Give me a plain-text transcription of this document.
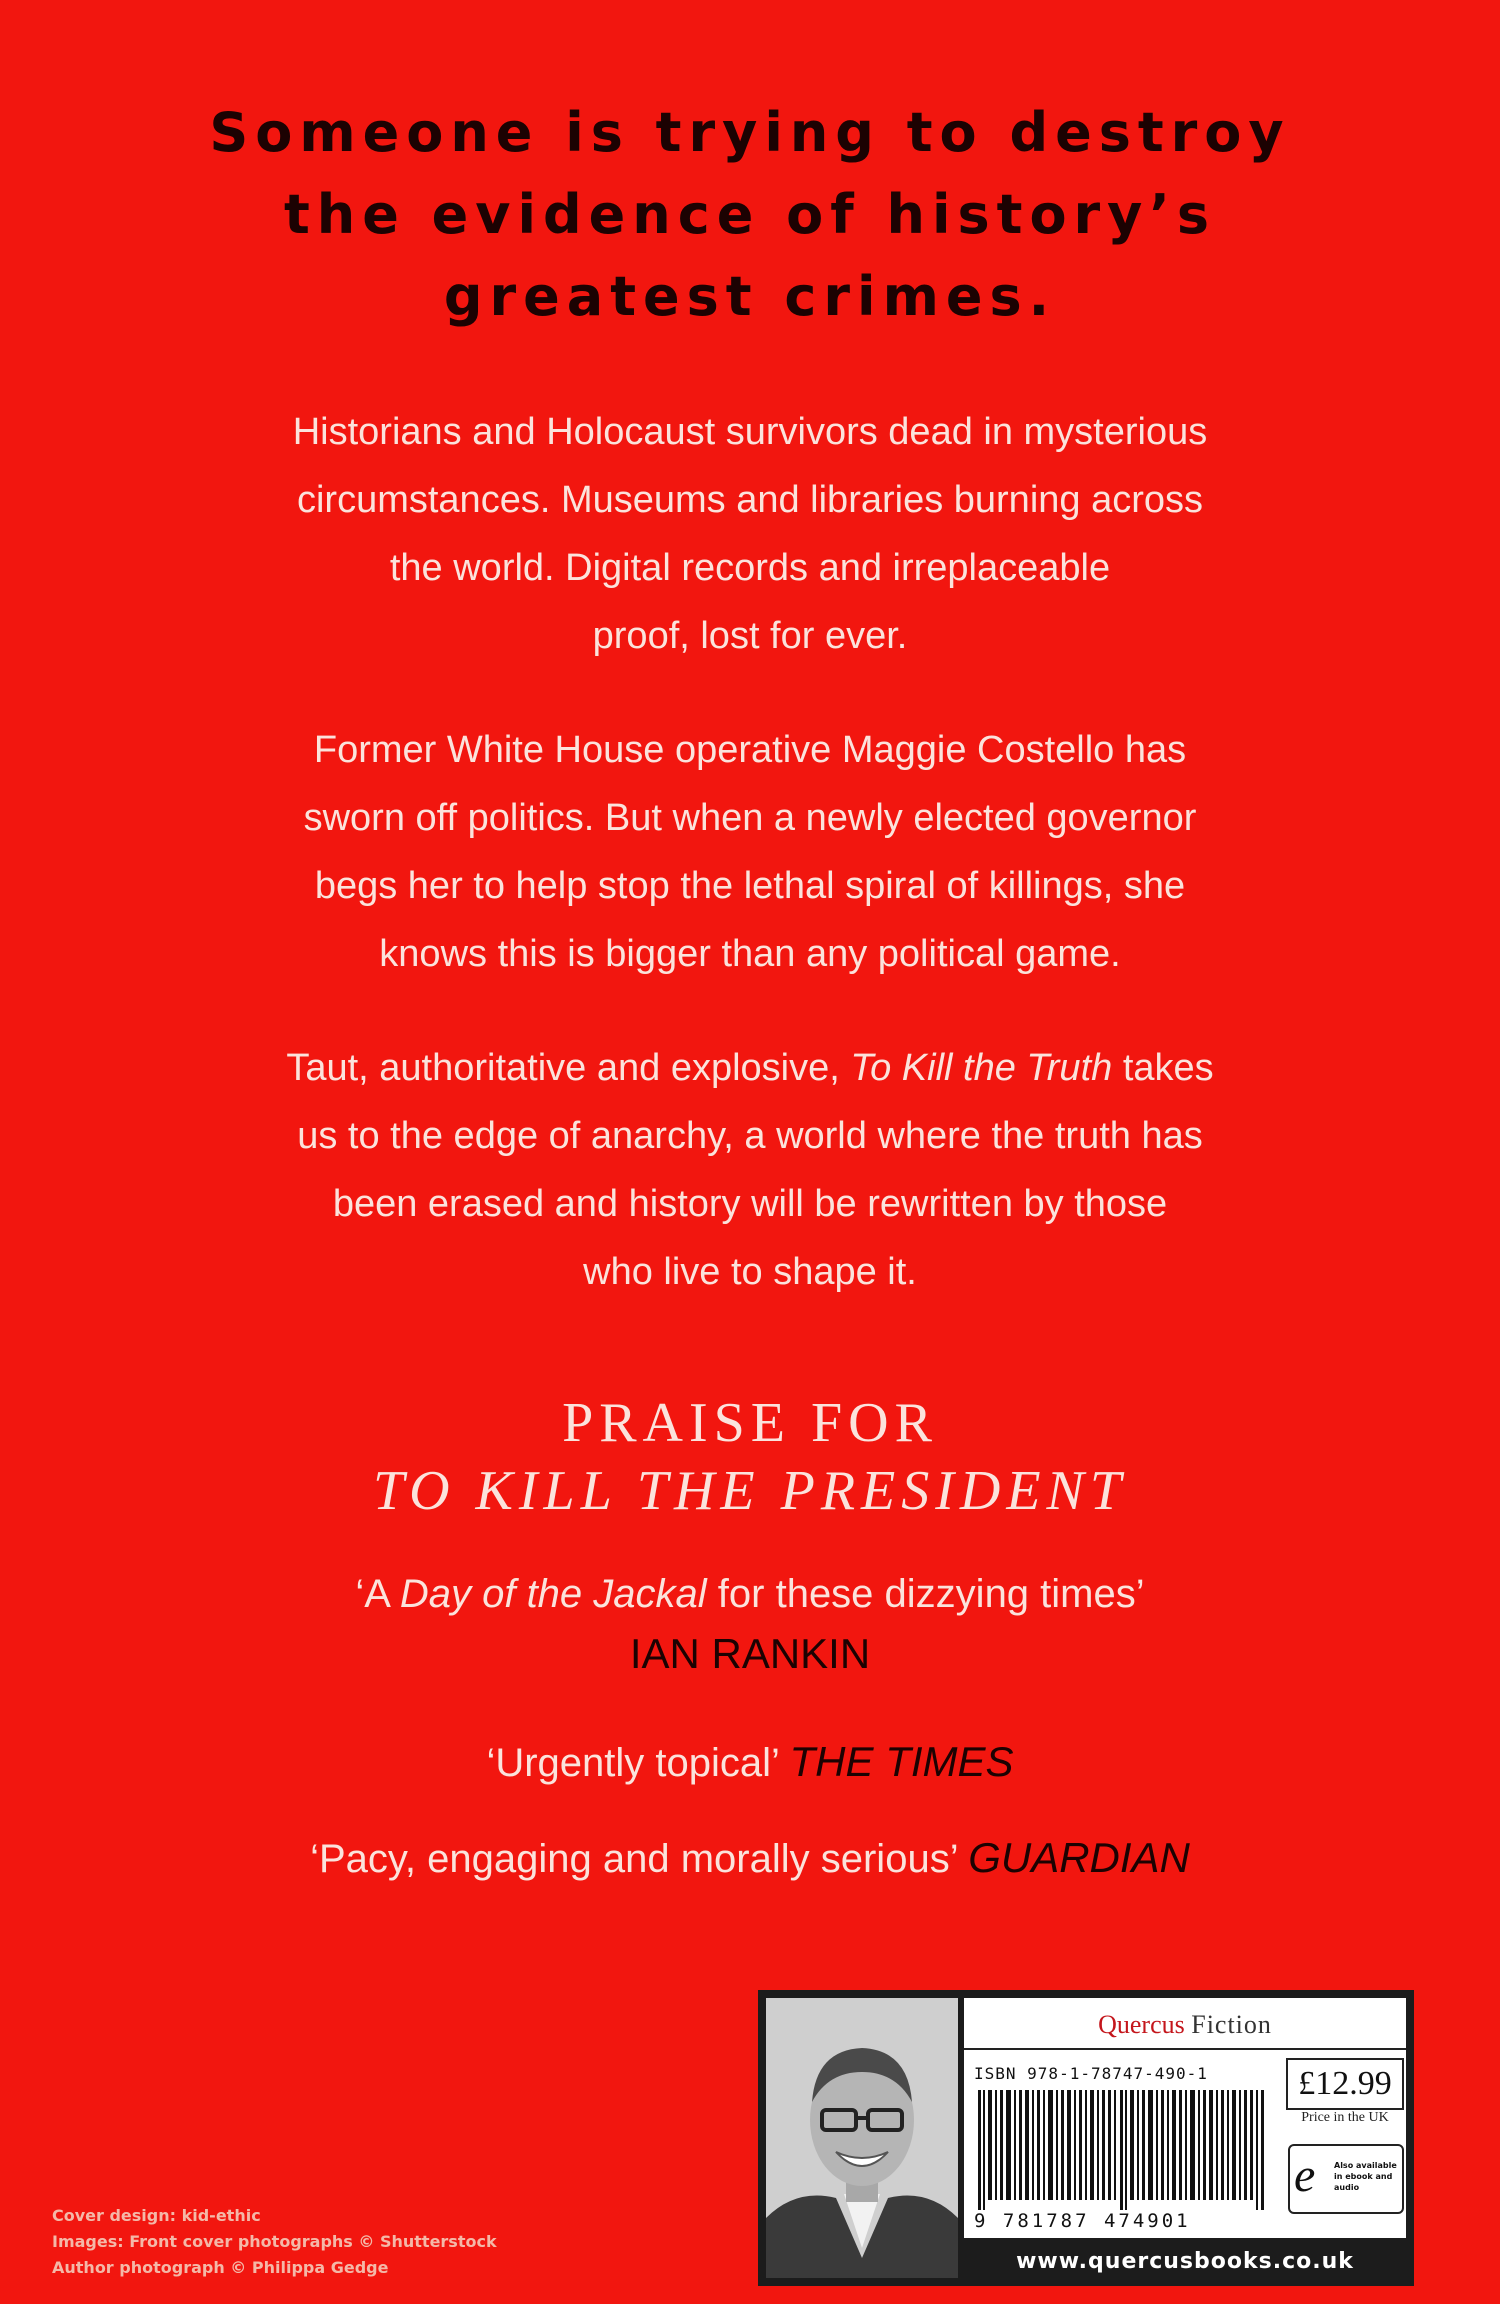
Someone is trying to destroy
the evidence of history’s
greatest crimes.
Historians and Holocaust survivors dead in mysterious
circumstances. Museums and libraries burning across
the world. Digital records and irreplaceable
proof, lost for ever.
Former White House operative Maggie Costello has
sworn off politics. But when a newly elected governor
begs her to help stop the lethal spiral of killings, she
knows this is bigger than any political game.
Taut, authoritative and explosive, To Kill the Truth takes
us to the edge of anarchy, a world where the truth has
been erased and history will be rewritten by those
who live to shape it.
PRAISE FOR
TO KILL THE PRESIDENT
‘A Day of the Jackal for these dizzying times’
IAN RANKIN
‘Urgently topical’ THE TIMES
‘Pacy, engaging and morally serious’ GUARDIAN
Cover design: kid-ethic
Images: Front cover photographs © Shutterstock
Author photograph © Philippa Gedge
Quercus Fiction
ISBN 978-1-78747-490-1
9 781787 474901
£12.99
Price in the UK
e Also available in ebook and audio
www.quercusbooks.co.uk
